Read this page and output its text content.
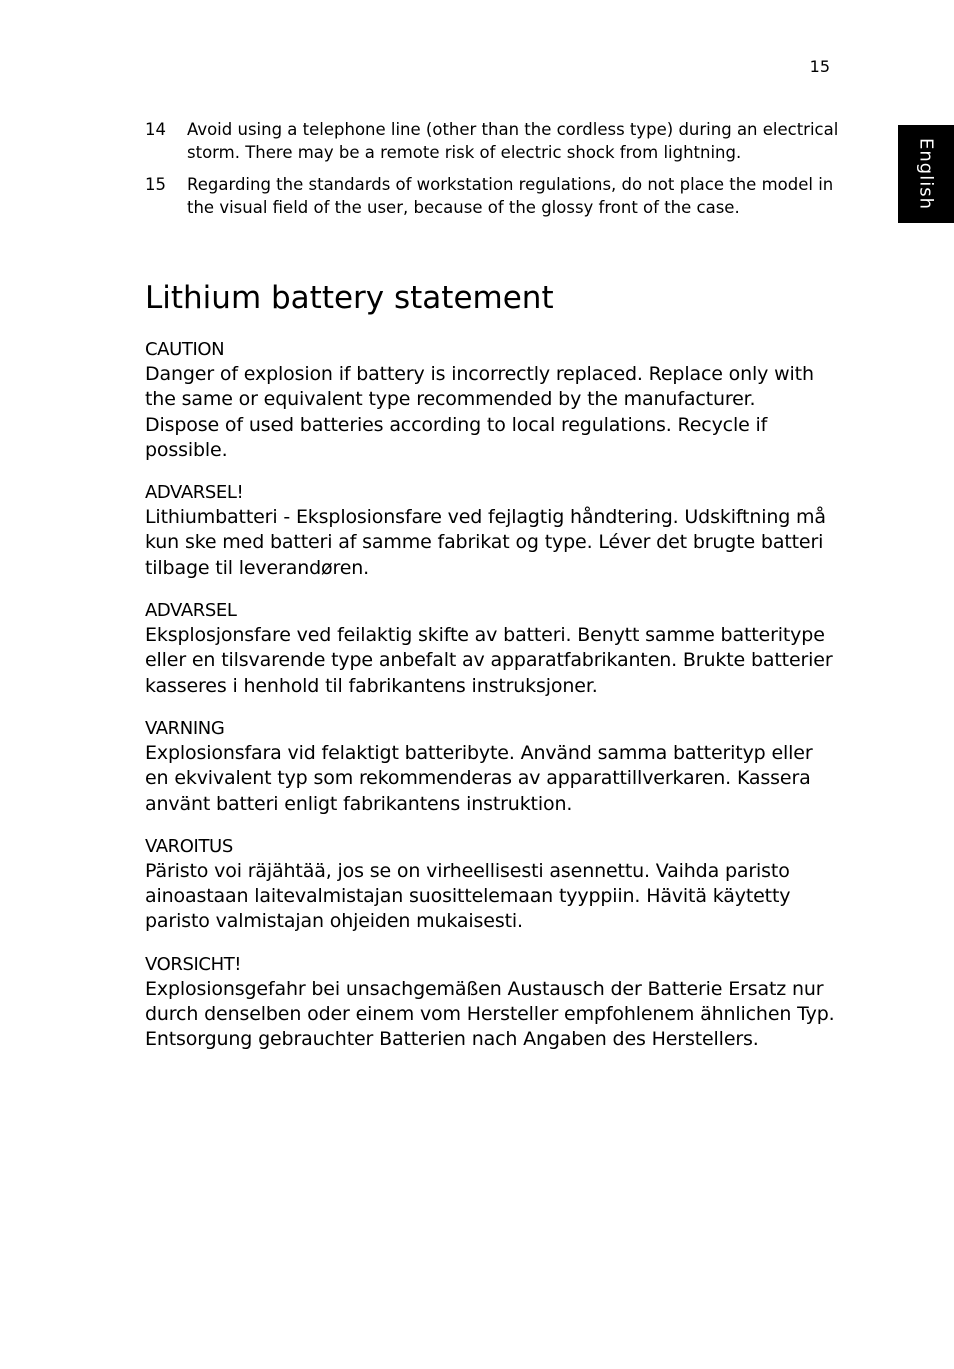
15
English
14	Avoid using a telephone line (other than the cordless type) during an electrical storm. There may be a remote risk of electric shock from lightning.
15	Regarding the standards of workstation regulations, do not place the model in the visual field of the user, because of the glossy front of the case.
Lithium battery statement
CAUTION
Danger of explosion if battery is incorrectly replaced. Replace only with the same or equivalent type recommended by the manufacturer. Dispose of used batteries according to local regulations. Recycle if possible.
ADVARSEL!
Lithiumbatteri - Eksplosionsfare ved fejlagtig håndtering. Udskiftning må kun ske med batteri af samme fabrikat og type. Léver det brugte batteri tilbage til leverandøren.
ADVARSEL
Eksplosjonsfare ved feilaktig skifte av batteri. Benytt samme batteritype eller en tilsvarende type anbefalt av apparatfabrikanten. Brukte batterier kasseres i henhold til fabrikantens instruksjoner.
VARNING
Explosionsfara vid felaktigt batteribyte. Använd samma batterityp eller en ekvivalent typ som rekommenderas av apparattillverkaren. Kassera använt batteri enligt fabrikantens instruktion.
VAROITUS
Päristo voi räjähtää, jos se on virheellisesti asennettu. Vaihda paristo ainoastaan laitevalmistajan suosittelemaan tyyppiin. Hävitä käytetty paristo valmistajan ohjeiden mukaisesti.
VORSICHT!
Explosionsgefahr bei unsachgemäßen Austausch der Batterie Ersatz nur durch denselben oder einem vom Hersteller empfohlenem ähnlichen Typ. Entsorgung gebrauchter Batterien nach Angaben des Herstellers.
